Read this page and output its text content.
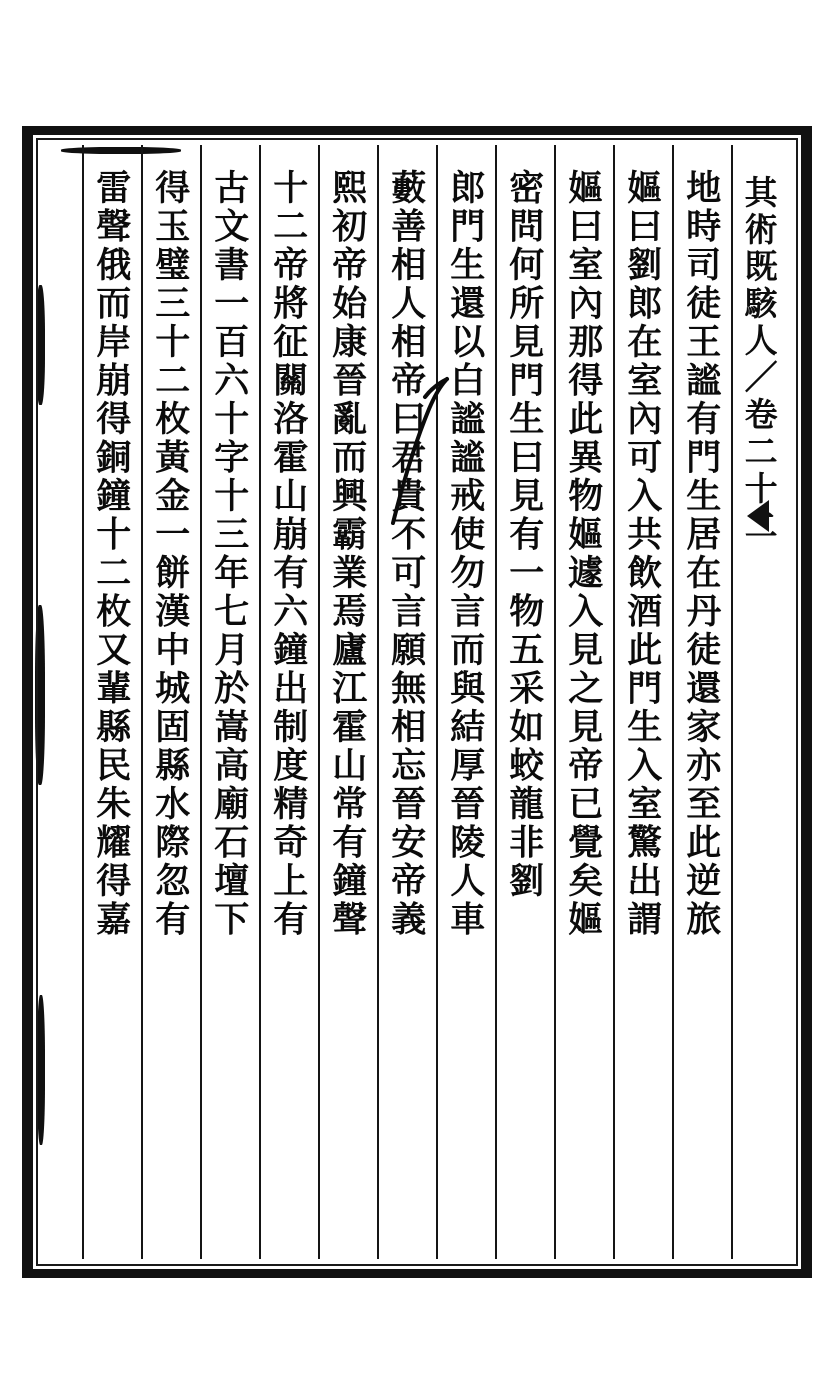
其術既駭人／卷二十二
地時司徒王謐有門生居在丹徒還家亦至此逆旅
嫗曰劉郎在室內可入共飲酒此門生入室驚出謂
嫗曰室內那得此異物嫗遽入見之見帝已覺矣嫗
密問何所見門生曰見有一物五采如蛟龍非劉
郎門生還以白謐謐戒使勿言而與結厚晉陵人車
藪善相人相帝曰君貴不可言願無相忘晉安帝義
熙初帝始康晉亂而興霸業焉廬江霍山常有鐘聲
十二帝將征關洛霍山崩有六鐘出制度精奇上有
古文書一百六十字十三年七月於嵩高廟石壇下
得玉璧三十二枚黃金一餅漢中城固縣水際忽有
雷聲俄而岸崩得銅鐘十二枚又輩縣民朱耀得嘉
